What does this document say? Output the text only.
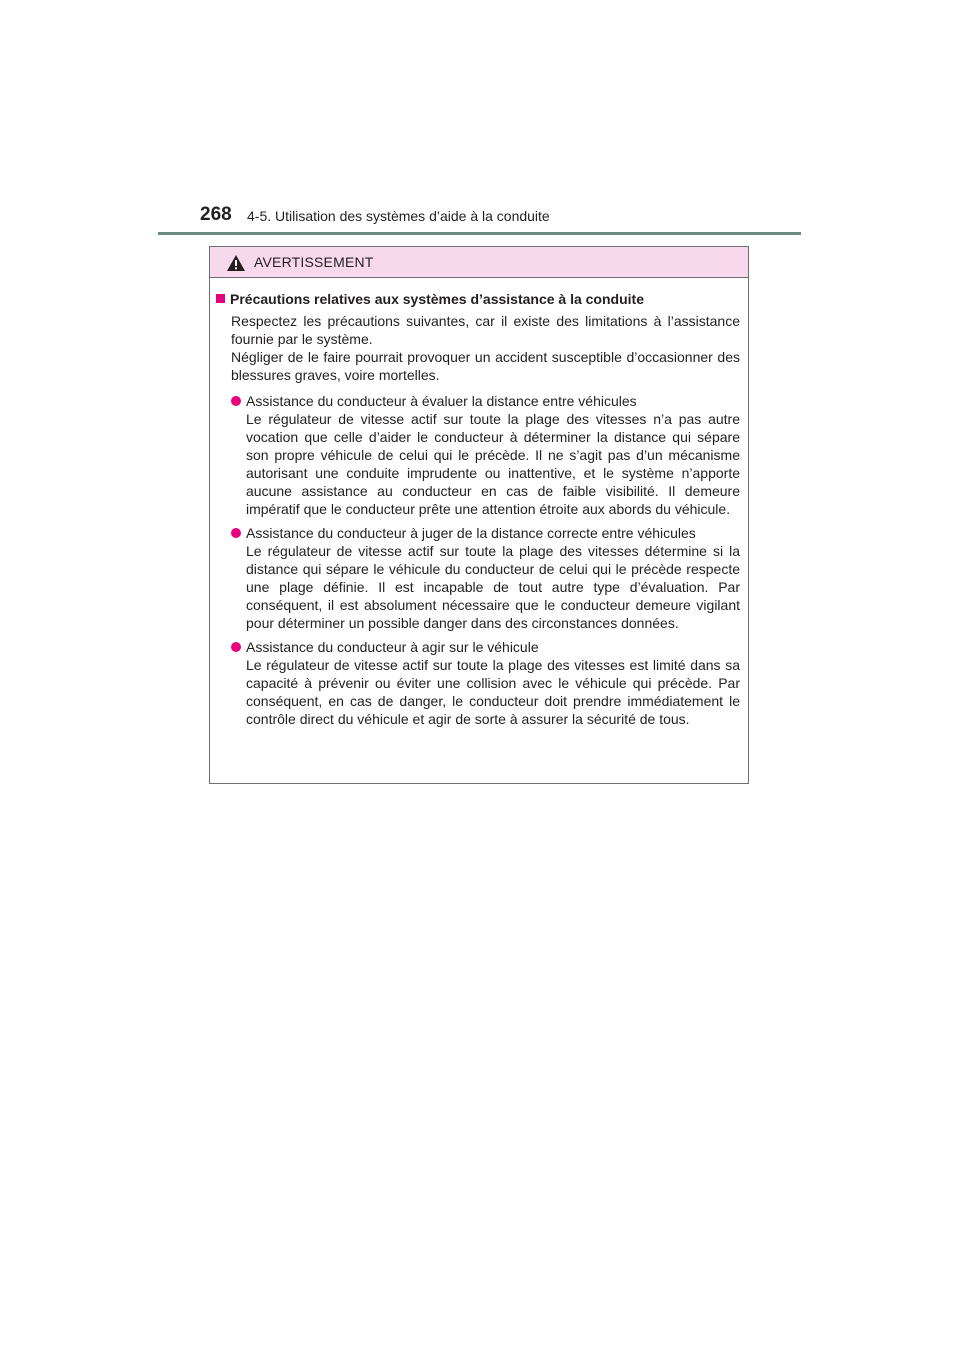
268 4-5. Utilisation des systèmes d’aide à la conduite
AVERTISSEMENT
Précautions relatives aux systèmes d’assistance à la conduite

Respectez les précautions suivantes, car il existe des limitations à l’assistance fournie par le système.

Négliger de le faire pourrait provoquer un accident susceptible d’occasionner des blessures graves, voire mortelles.

Assistance du conducteur à évaluer la distance entre véhicules
Le régulateur de vitesse actif sur toute la plage des vitesses n’a pas autre vocation que celle d’aider le conducteur à déterminer la distance qui sépare son propre véhicule de celui qui le précède. Il ne s’agit pas d’un mécanisme autorisant une conduite imprudente ou inattentive, et le système n’apporte aucune assistance au conducteur en cas de faible visibilité. Il demeure impératif que le conducteur prête une attention étroite aux abords du véhicule.
Assistance du conducteur à juger de la distance correcte entre véhicules
Le régulateur de vitesse actif sur toute la plage des vitesses détermine si la distance qui sépare le véhicule du conducteur de celui qui le précède respecte une plage définie. Il est incapable de tout autre type d’évaluation. Par conséquent, il est absolument nécessaire que le conducteur demeure vigilant pour déterminer un possible danger dans des circonstances données.
Assistance du conducteur à agir sur le véhicule
Le régulateur de vitesse actif sur toute la plage des vitesses est limité dans sa capacité à prévenir ou éviter une collision avec le véhicule qui précède. Par conséquent, en cas de danger, le conducteur doit prendre immédiatement le contrôle direct du véhicule et agir de sorte à assurer la sécurité de tous.
